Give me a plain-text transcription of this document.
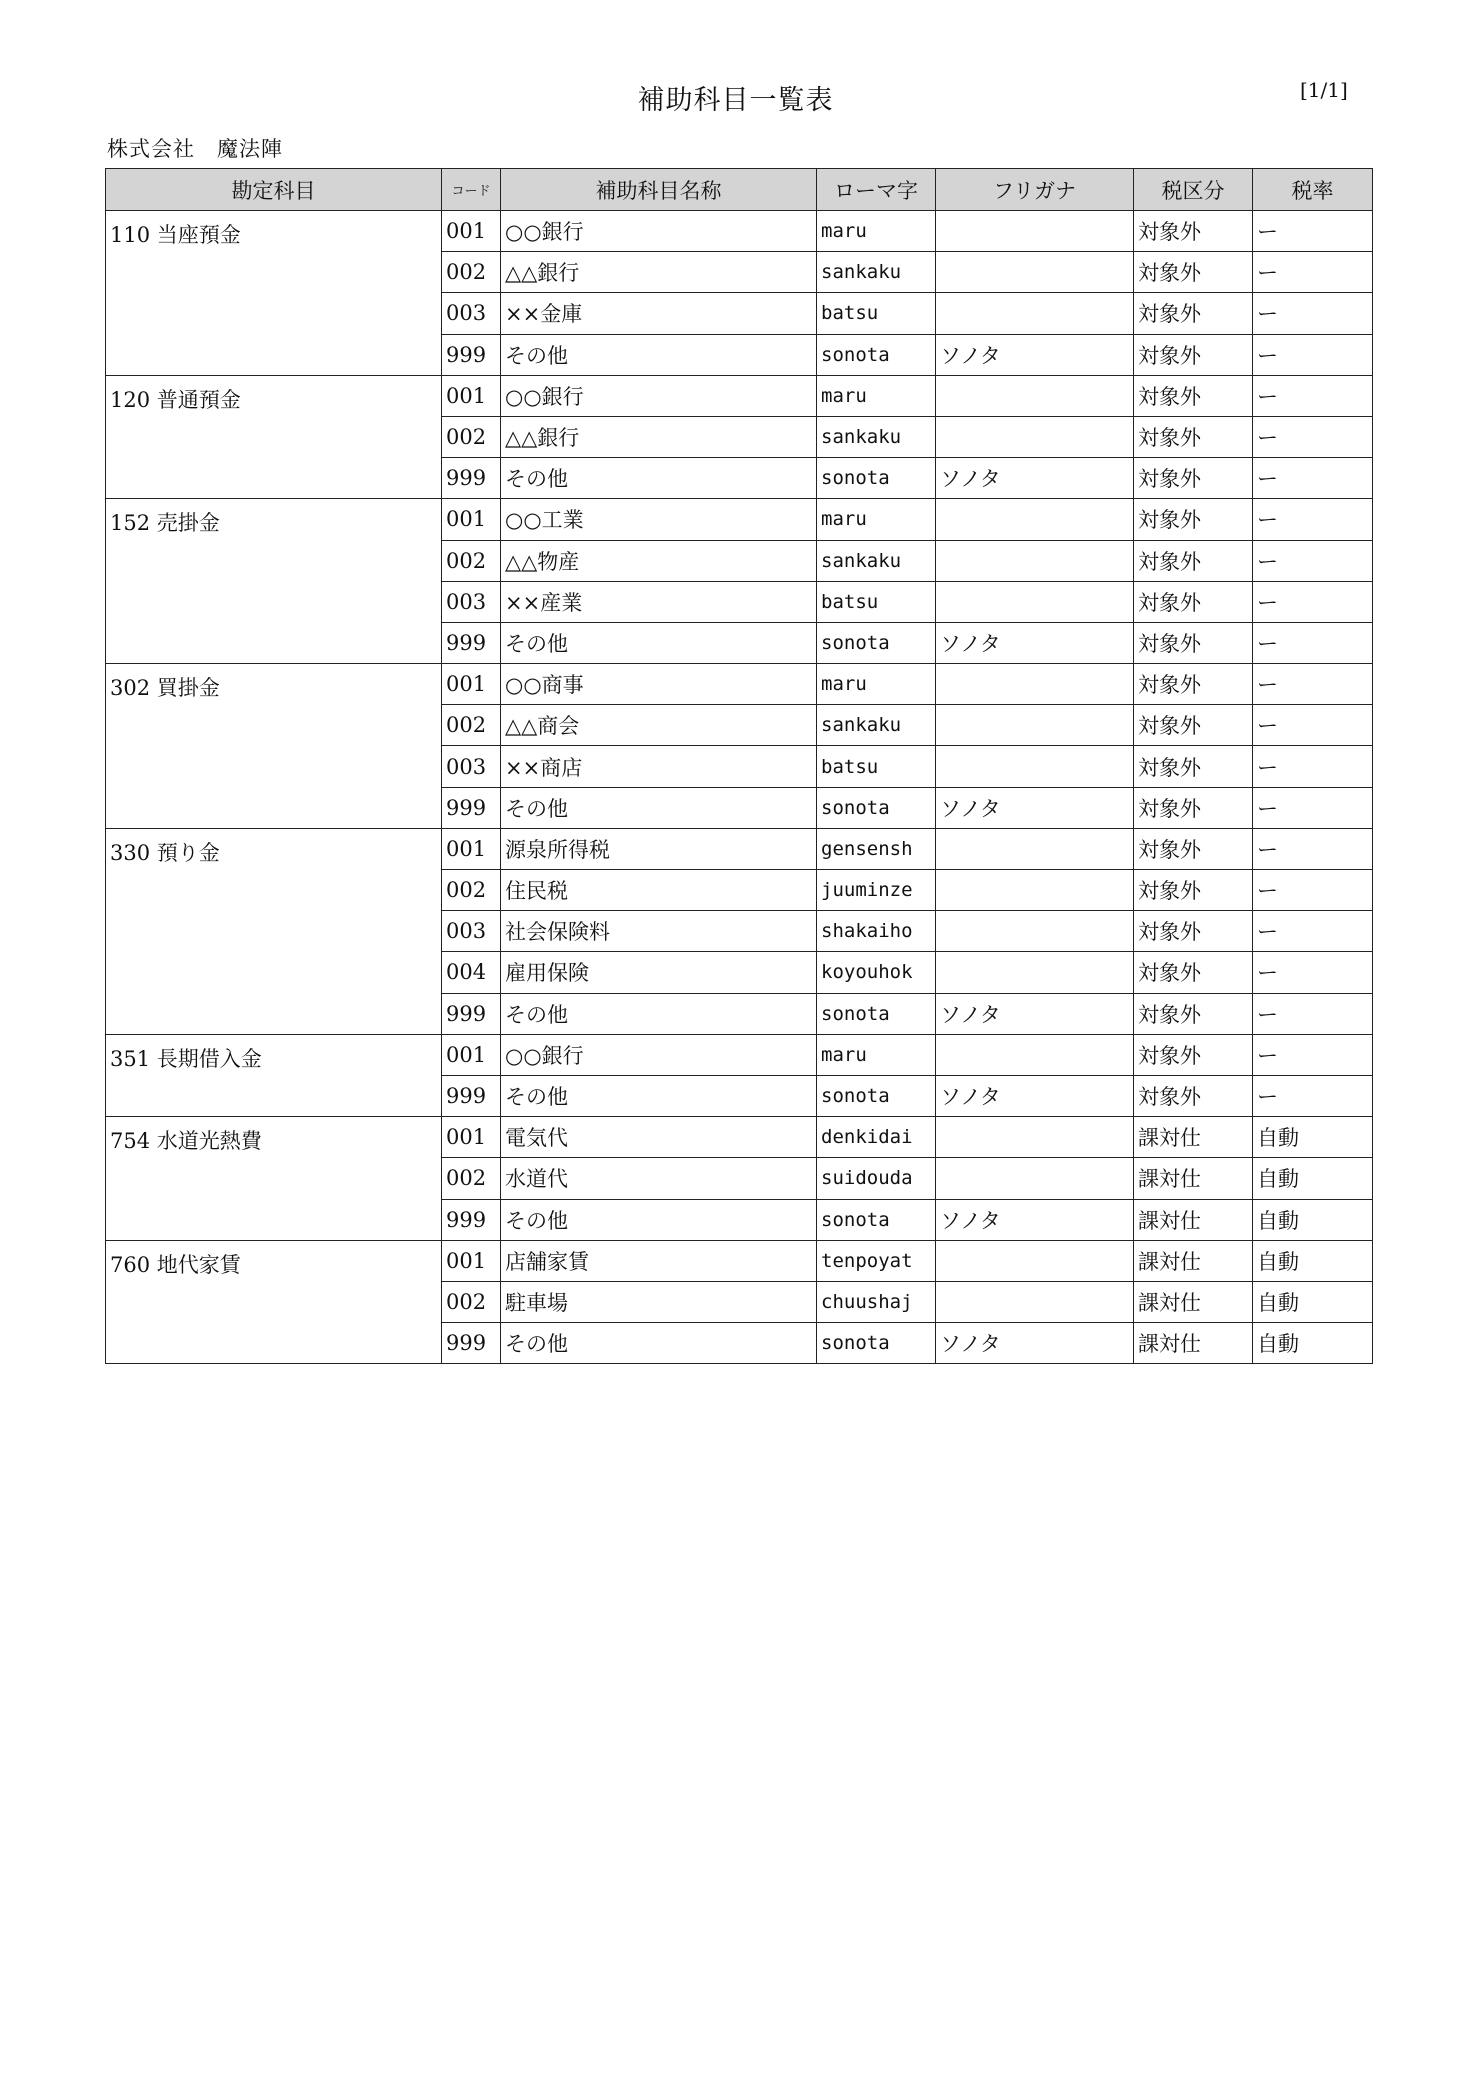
補助科目一覧表	[1/1]
株式会社　魔法陣
勘定科目	コード	補助科目名称	ローマ字	フリガナ	税区分	税率
110 当座預金	001	○○銀行	maru		対象外	ー
	002	△△銀行	sankaku		対象外	ー
	003	××金庫	batsu		対象外	ー
	999	その他	sonota	ソノタ	対象外	ー
120 普通預金	001	○○銀行	maru		対象外	ー
	002	△△銀行	sankaku		対象外	ー
	999	その他	sonota	ソノタ	対象外	ー
152 売掛金	001	○○工業	maru		対象外	ー
	002	△△物産	sankaku		対象外	ー
	003	××産業	batsu		対象外	ー
	999	その他	sonota	ソノタ	対象外	ー
302 買掛金	001	○○商事	maru		対象外	ー
	002	△△商会	sankaku		対象外	ー
	003	××商店	batsu		対象外	ー
	999	その他	sonota	ソノタ	対象外	ー
330 預り金	001	源泉所得税	gensensh		対象外	ー
	002	住民税	juuminze		対象外	ー
	003	社会保険料	shakaiho		対象外	ー
	004	雇用保険	koyouhok		対象外	ー
	999	その他	sonota	ソノタ	対象外	ー
351 長期借入金	001	○○銀行	maru		対象外	ー
	999	その他	sonota	ソノタ	対象外	ー
754 水道光熱費	001	電気代	denkidai		課対仕	自動
	002	水道代	suidouda		課対仕	自動
	999	その他	sonota	ソノタ	課対仕	自動
760 地代家賃	001	店舗家賃	tenpoyat		課対仕	自動
	002	駐車場	chuushaj		課対仕	自動
	999	その他	sonota	ソノタ	課対仕	自動
